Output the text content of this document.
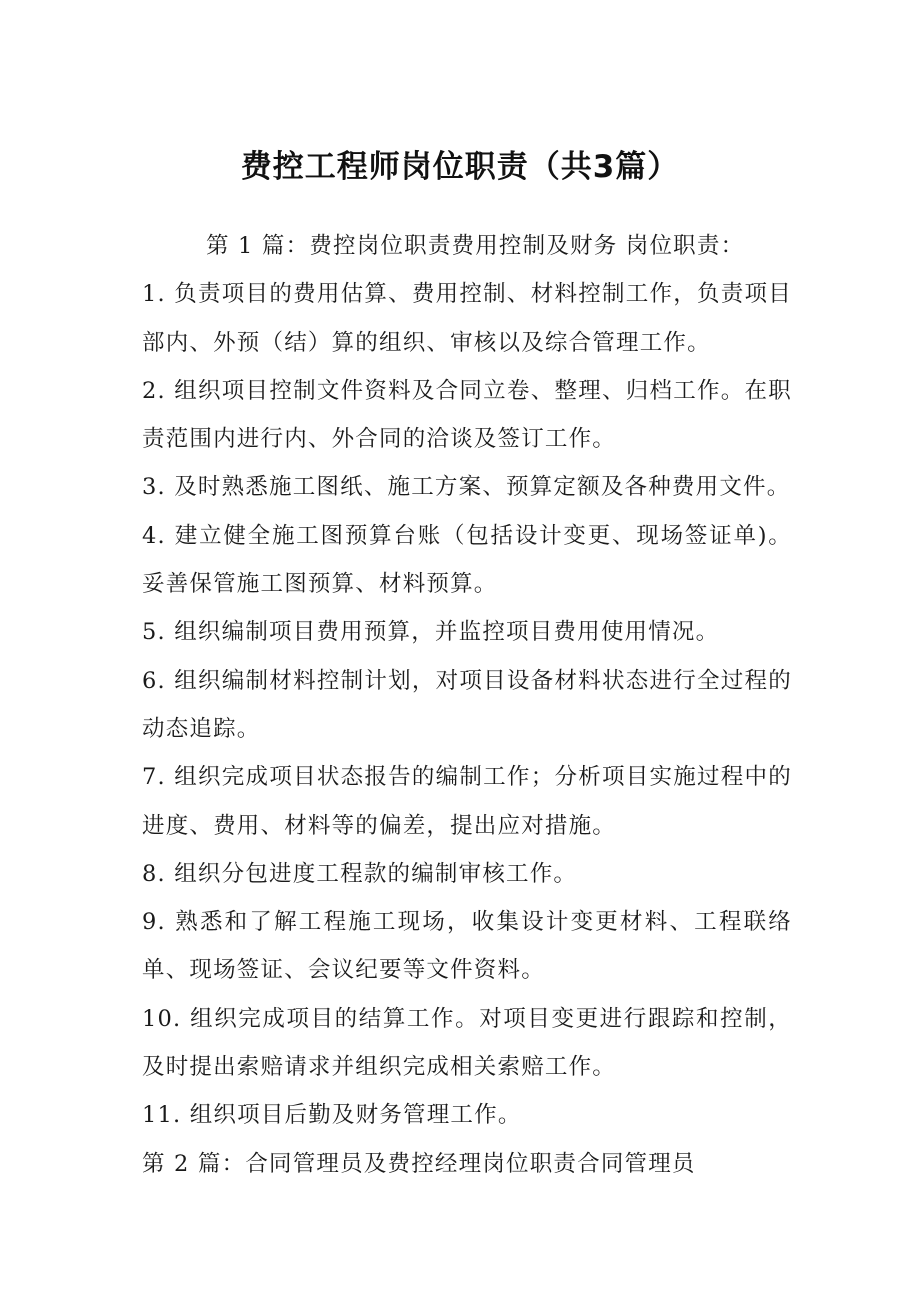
费控工程师岗位职责（共3篇）

第 1 篇：费控岗位职责费用控制及财务 岗位职责：

1. 负责项目的费用估算、费用控制、材料控制工作，负责项目部内、外预（结）算的组织、审核以及综合管理工作。

2. 组织项目控制文件资料及合同立卷、整理、归档工作。在职责范围内进行内、外合同的洽谈及签订工作。

3. 及时熟悉施工图纸、施工方案、预算定额及各种费用文件。

4. 建立健全施工图预算台账（包括设计变更、现场签证单)。妥善保管施工图预算、材料预算。

5. 组织编制项目费用预算，并监控项目费用使用情况。

6. 组织编制材料控制计划，对项目设备材料状态进行全过程的动态追踪。

7. 组织完成项目状态报告的编制工作；分析项目实施过程中的进度、费用、材料等的偏差，提出应对措施。

8. 组织分包进度工程款的编制审核工作。

9. 熟悉和了解工程施工现场，收集设计变更材料、工程联络单、现场签证、会议纪要等文件资料。

10. 组织完成项目的结算工作。对项目变更进行跟踪和控制，及时提出索赔请求并组织完成相关索赔工作。

11. 组织项目后勤及财务管理工作。

第 2 篇：合同管理员及费控经理岗位职责合同管理员
